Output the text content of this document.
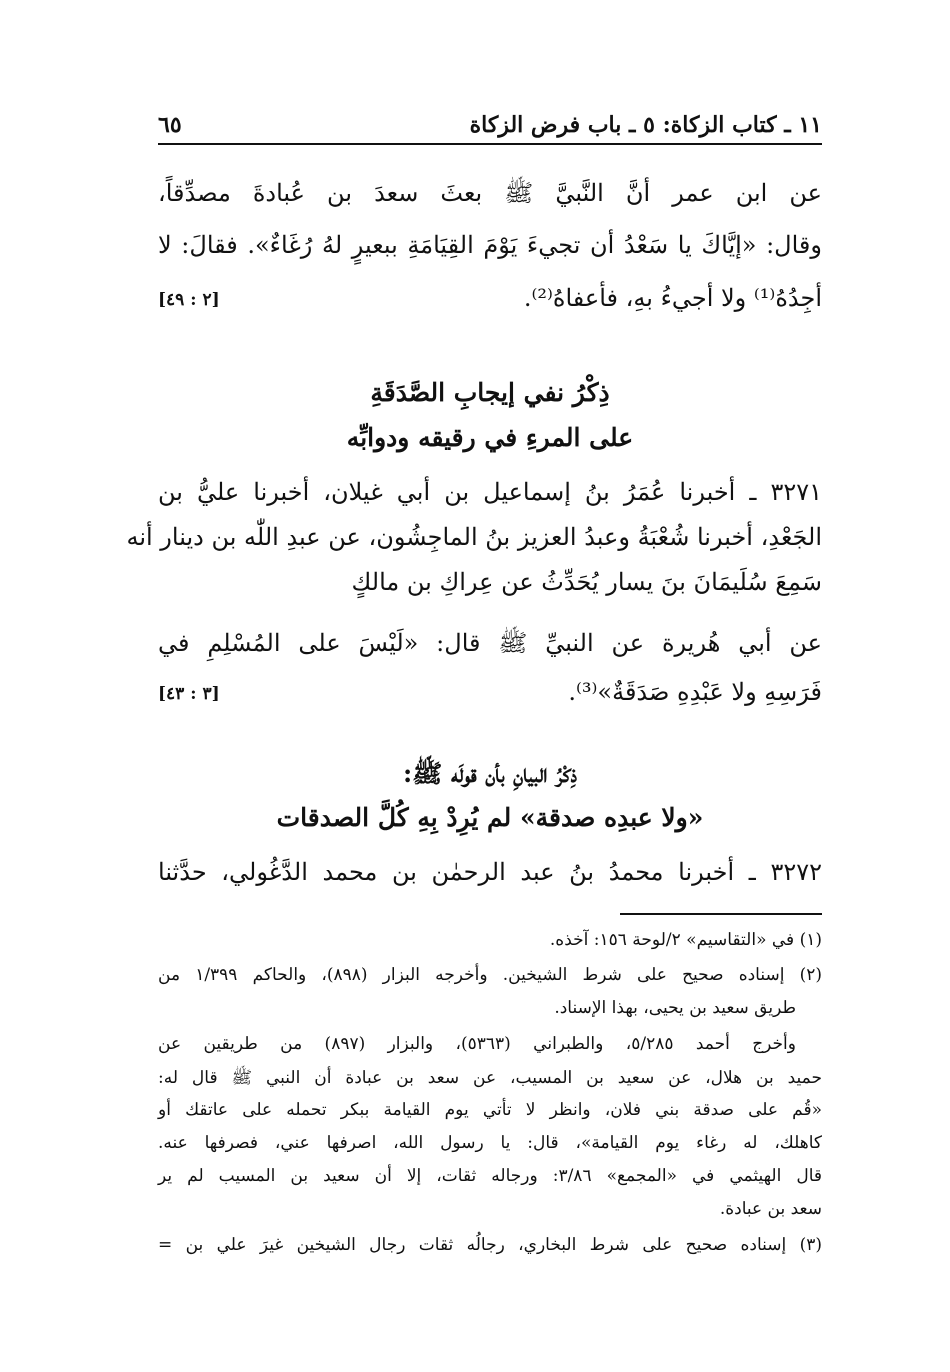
١١ ـ كتاب الزكاة: ٥ ـ باب فرض الزكاة
٦٥
عن ابن عمر أنَّ النَّبيَّ ﷺ بعثَ سعدَ بن عُبادةَ مصدِّقاً،
وقال: «إيَّاكَ يا سَعْدُ أن تجيءَ يَوْمَ القِيَامَةِ ببعيرٍ لهُ رُغَاءٌ». فقالَ: لا
أجِدُهُ⁽¹⁾ ولا أجيءُ بهِ، فأعفاهُ⁽²⁾.
[٢ : ٤٩]
ذِكْرُ نفي إيجابِ الصَّدَقَةِ
على المرءِ في رقيقه ودوابِّه
٣٢٧١ ـ أخبرنا عُمَرُ بنُ إسماعيل بن أبي غيلان، أخبرنا عليُّ بن
الجَعْدِ، أخبرنا شُعْبَةُ وعبدُ العزيز بنُ الماجِشُون، عن عبدِ اللّٰه بن دينار أنه
سَمِعَ سُلَيمَانَ بنَ يسار يُحَدِّثُ عن عِراكِ بن مالكٍ
عن أبي هُريرة عن النبيِّ ﷺ قال: «لَيْسَ على المُسْلِمِ في
فَرَسِهِ ولا عَبْدِهِ صَدَقَةٌ»⁽³⁾.
[٣ : ٤٣]
ذِكْرُ البيانِ بأن قولَه ﷺ:
«ولا عبدِه صدقة» لم يُرِدْ بِهِ كُلَّ الصدقات
٣٢٧٢ ـ أخبرنا محمدُ بنُ عبد الرحمٰن بن محمد الدَّغُولي، حدَّثنا
(١) في «التقاسيم» ٢/لوحة ١٥٦: آخذه.
(٢) إسناده صحيح على شرط الشيخين. وأخرجه البزار (٨٩٨)، والحاكم ١/٣٩٩ من
طريق سعيد بن يحيى، بهذا الإسناد.
وأخرج أحمد ٥/٢٨٥، والطبراني (٥٣٦٣)، والبزار (٨٩٧) من طريقين عن
حميد بن هلال، عن سعيد بن المسيب، عن سعد بن عبادة أن النبي ﷺ قال له:
«قُم على صدقة بني فلان، وانظر لا تأتي يوم القيامة ببكر تحمله على عاتقك أو
كاهلك، له رغاء يوم القيامة»، قال: يا رسول الله، اصرفها عني، فصرفها عنه.
قال الهيثمي في «المجمع» ٣/٨٦: ورجاله ثقات، إلا أن سعيد بن المسيب لم ير
سعد بن عبادة.
(٣) إسناده صحيح على شرط البخاري، رجالُه ثقات رجال الشيخين غيرَ علي بن =
